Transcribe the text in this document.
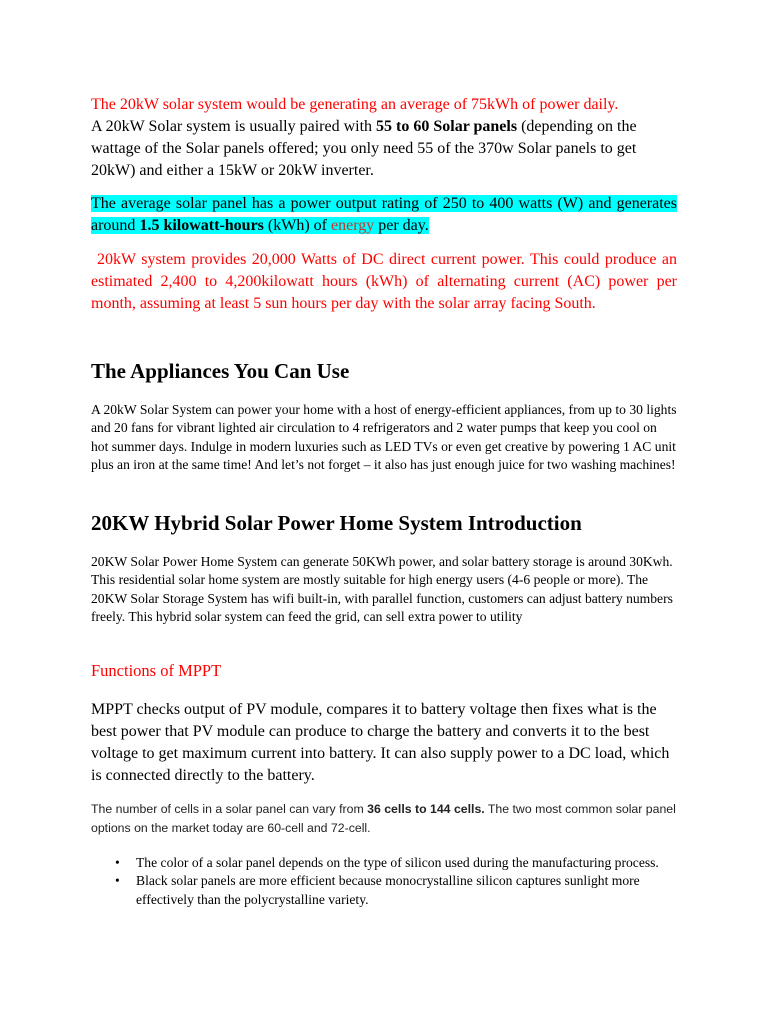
The 20kW solar system would be generating an average of 75kWh of power daily.
A 20kW Solar system is usually paired with 55 to 60 Solar panels (depending on the wattage of the Solar panels offered; you only need 55 of the 370w Solar panels to get 20kW) and either a 15kW or 20kW inverter.
The average solar panel has a power output rating of 250 to 400 watts (W) and generates around 1.5 kilowatt-hours (kWh) of energy per day.
20kW system provides 20,000 Watts of DC direct current power. This could produce an estimated 2,400 to 4,200kilowatt hours (kWh) of alternating current (AC) power per month, assuming at least 5 sun hours per day with the solar array facing South.
The Appliances You Can Use
A 20kW Solar System can power your home with a host of energy-efficient appliances, from up to 30 lights and 20 fans for vibrant lighted air circulation to 4 refrigerators and 2 water pumps that keep you cool on hot summer days. Indulge in modern luxuries such as LED TVs or even get creative by powering 1 AC unit plus an iron at the same time! And let’s not forget – it also has just enough juice for two washing machines!
20KW Hybrid Solar Power Home System Introduction
20KW Solar Power Home System can generate 50KWh power, and solar battery storage is around 30Kwh. This residential solar home system are mostly suitable for high energy users (4-6 people or more). The 20KW Solar Storage System has wifi built-in, with parallel function, customers can adjust battery numbers freely. This hybrid solar system can feed the grid, can sell extra power to utility
Functions of MPPT
MPPT checks output of PV module, compares it to battery voltage then fixes what is the best power that PV module can produce to charge the battery and converts it to the best voltage to get maximum current into battery. It can also supply power to a DC load, which is connected directly to the battery.
The number of cells in a solar panel can vary from 36 cells to 144 cells. The two most common solar panel options on the market today are 60-cell and 72-cell.
• The color of a solar panel depends on the type of silicon used during the manufacturing process.
• Black solar panels are more efficient because monocrystalline silicon captures sunlight more effectively than the polycrystalline variety.
